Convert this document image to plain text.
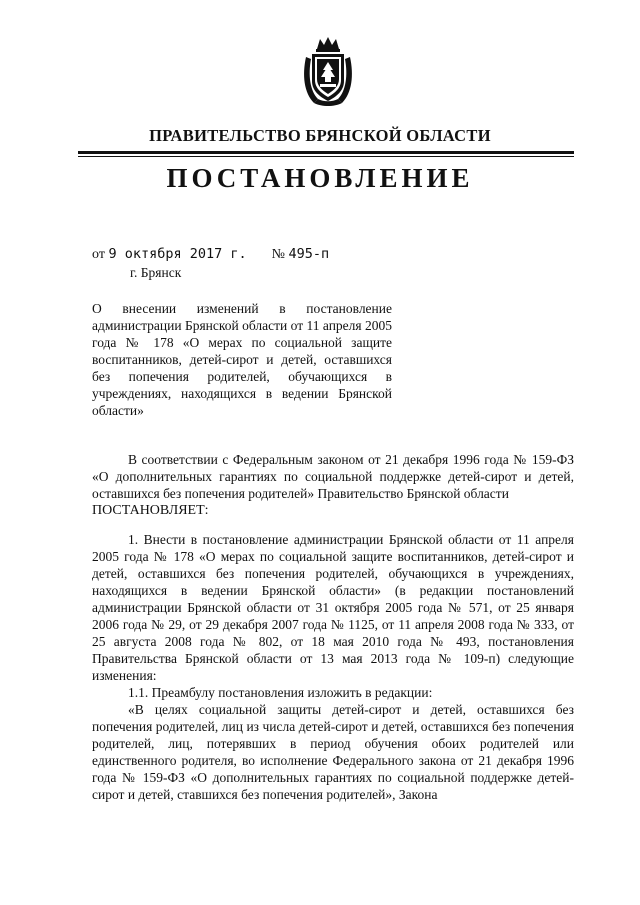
ПРАВИТЕЛЬСТВО БРЯНСКОЙ ОБЛАСТИ
ПОСТАНОВЛЕНИЕ
от 9 октября 2017 г. № 495-п
г. Брянск
О внесении изменений в постановление администрации Брянской области от 11 апреля 2005 года № 178 «О мерах по социальной защите воспитанников, детей-сирот и детей, оставшихся без попечения родителей, обучающихся в учреждениях, находящихся в ведении Брянской области»

В соответствии с Федеральным законом от 21 декабря 1996 года № 159-ФЗ «О дополнительных гарантиях по социальной поддержке детей-сирот и детей, оставшихся без попечения родителей» Правительство Брянской области

ПОСТАНОВЛЯЕТ:

1. Внести в постановление администрации Брянской области от 11 апреля 2005 года № 178 «О мерах по социальной защите воспитанников, детей-сирот и детей, оставшихся без попечения родителей, обучающихся в учреждениях, находящихся в ведении Брянской области» (в редакции постановлений администрации Брянской области от 31 октября 2005 года № 571, от 25 января 2006 года № 29, от 29 декабря 2007 года № 1125, от 11 апреля 2008 года № 333, от 25 августа 2008 года № 802, от 18 мая 2010 года № 493, постановления Правительства Брянской области от 13 мая 2013 года № 109-п) следующие изменения:

1.1. Преамбулу постановления изложить в редакции:

«В целях социальной защиты детей-сирот и детей, оставшихся без попечения родителей, лиц из числа детей-сирот и детей, оставшихся без попечения родителей, лиц, потерявших в период обучения обоих родителей или единственного родителя, во исполнение Федерального закона от 21 декабря 1996 года № 159-ФЗ «О дополнительных гарантиях по социальной поддержке детей-сирот и детей, ставшихся без попечения родителей», Закона
